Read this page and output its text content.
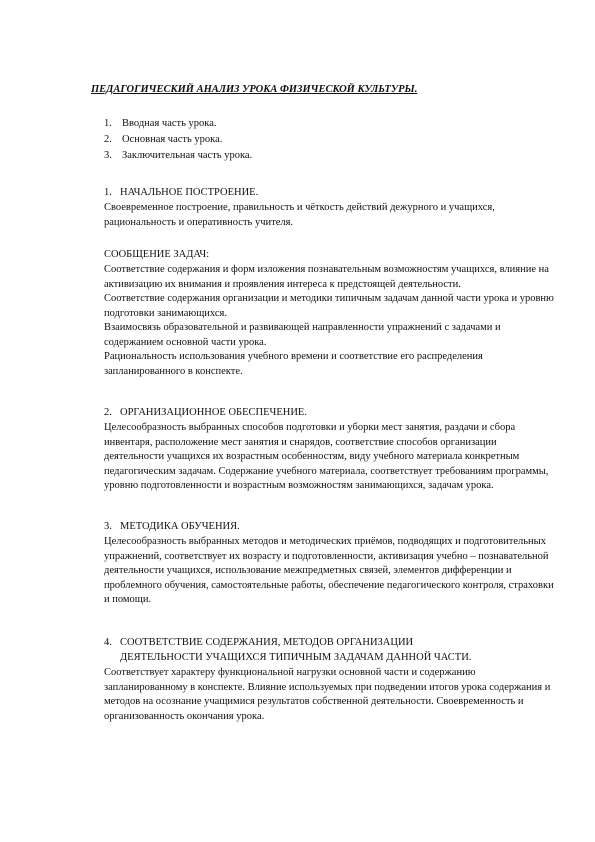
ПЕДАГОГИЧЕСКИЙ АНАЛИЗ УРОКА ФИЗИЧЕСКОЙ КУЛЬТУРЫ.
1. Вводная часть урока.
2. Основная часть урока.
3. Заключительная часть урока.
1. НАЧАЛЬНОЕ ПОСТРОЕНИЕ.

Своевременное построение, правильность и чёткость действий дежурного и учащихся, рациональность и оперативность учителя.

СООБЩЕНИЕ ЗАДАЧ:

Соответствие содержания и форм изложения познавательным возможностям учащихся, влияние на активизацию их внимания и проявления интереса к предстоящей деятельности.

Соответствие содержания организации и методики типичным задачам данной части урока и уровню подготовки занимающихся.

Взаимосвязь образовательной и развивающей направленности упражнений с задачами и содержанием основной части урока.

Рациональность использования учебного времени и соответствие его распределения запланированного в конспекте.

2. ОРГАНИЗАЦИОННОЕ ОБЕСПЕЧЕНИЕ.

Целесообразность выбранных способов подготовки и уборки мест занятия, раздачи и сбора инвентаря, расположение мест занятия и снарядов, соответствие способов организации деятельности учащихся их возрастным особенностям, виду учебного материала конкретным педагогическим задачам. Содержание учебного материала, соответствует требованиям программы, уровню подготовленности и возрастным возможностям занимающихся, задачам урока.

3. МЕТОДИКА ОБУЧЕНИЯ.

Целесообразность выбранных методов и методических приёмов, подводящих и подготовительных упражнений, соответствует их возрасту и подготовленности, активизация учебно – познавательной деятельности учащихся, использование межпредметных связей, элементов дифференции и проблемного обучения, самостоятельные работы, обеспечение педагогического контроля, страховки и помощи.

4. СООТВЕТСТВИЕ СОДЕРЖАНИЯ, МЕТОДОВ ОРГАНИЗАЦИИ
ДЕЯТЕЛЬНОСТИ УЧАЩИХСЯ ТИПИЧНЫМ ЗАДАЧАМ ДАННОЙ ЧАСТИ.

Соответствует характеру функциональной нагрузки основной части и содержанию запланированному в конспекте. Влияние используемых при подведении итогов урока содержания и методов на осознание учащимися результатов собственной деятельности. Своевременность и организованность окончания урока.
